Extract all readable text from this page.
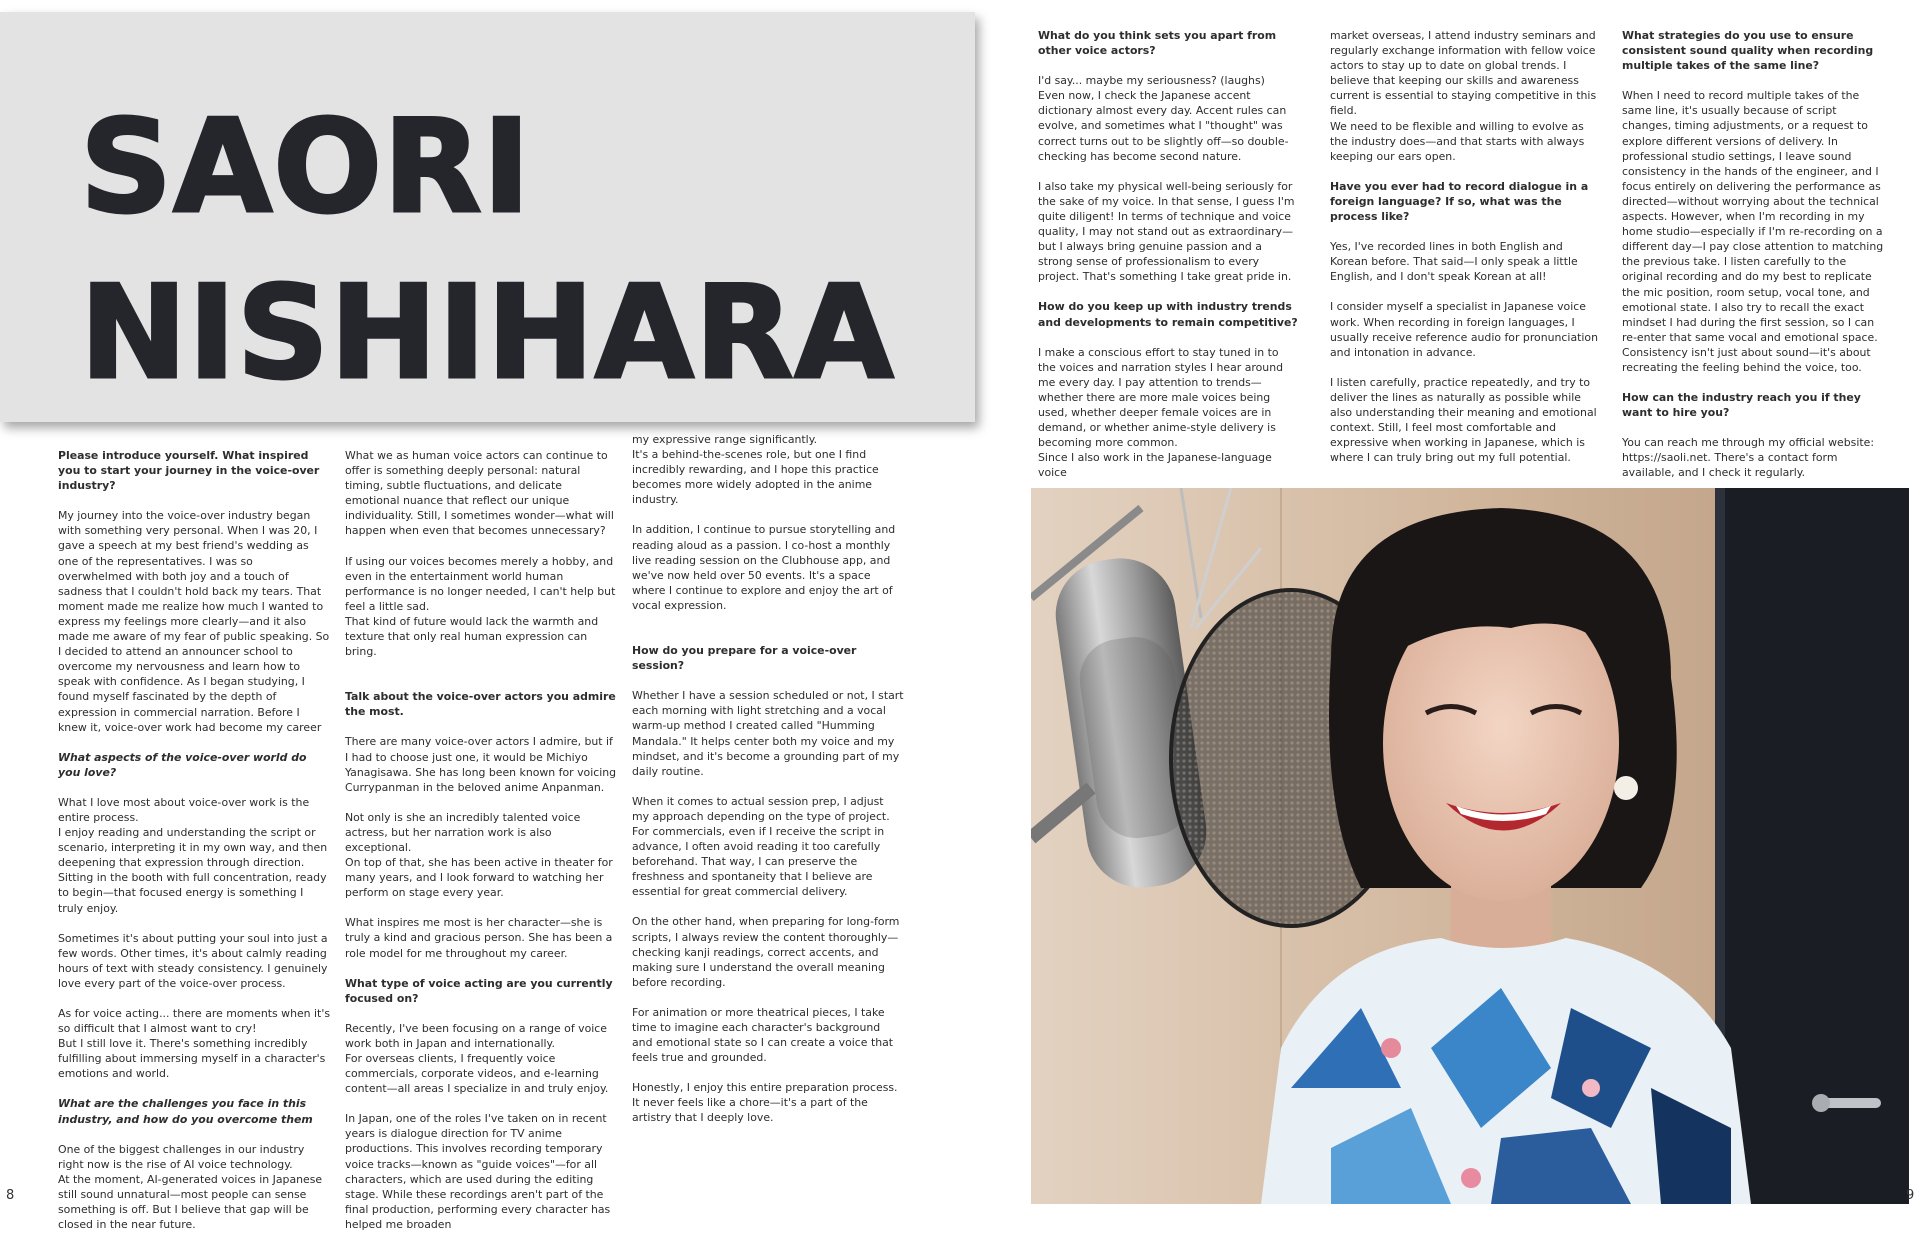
SAORI
NISHIHARA
Please introduce yourself. What inspired you to start your journey in the voice-over industry?

My journey into the voice-over industry began with something very personal. When I was 20, I gave a speech at my best friend's wedding as one of the representatives. I was so overwhelmed with both joy and a touch of sadness that I couldn't hold back my tears. That moment made me realize how much I wanted to express my feelings more clearly—and it also made me aware of my fear of public speaking. So I decided to attend an announcer school to overcome my nervousness and learn how to speak with confidence. As I began studying, I found myself fascinated by the depth of expression in commercial narration. Before I knew it, voice-over work had become my career

What aspects of the voice-over world do you love?

What I love most about voice-over work is the entire process.
I enjoy reading and understanding the script or scenario, interpreting it in my own way, and then deepening that expression through direction.
Sitting in the booth with full concentration, ready to begin—that focused energy is something I truly enjoy.

Sometimes it's about putting your soul into just a few words. Other times, it's about calmly reading hours of text with steady consistency. I genuinely love every part of the voice-over process.

As for voice acting... there are moments when it's so difficult that I almost want to cry!
But I still love it. There's something incredibly fulfilling about immersing myself in a character's emotions and world.

What are the challenges you face in this industry, and how do you overcome them

One of the biggest challenges in our industry right now is the rise of AI voice technology.
At the moment, AI-generated voices in Japanese still sound unnatural—most people can sense something is off. But I believe that gap will be closed in the near future.

What we as human voice actors can continue to offer is something deeply personal: natural timing, subtle fluctuations, and delicate emotional nuance that reflect our unique individuality. Still, I sometimes wonder—what will happen when even that becomes unnecessary?

If using our voices becomes merely a hobby, and even in the entertainment world human performance is no longer needed, I can't help but feel a little sad.
That kind of future would lack the warmth and texture that only real human expression can bring.

Talk about the voice-over actors you admire the most.

There are many voice-over actors I admire, but if I had to choose just one, it would be Michiyo Yanagisawa. She has long been known for voicing Currypanman in the beloved anime Anpanman.

Not only is she an incredibly talented voice actress, but her narration work is also exceptional.
On top of that, she has been active in theater for many years, and I look forward to watching her perform on stage every year.

What inspires me most is her character—she is truly a kind and gracious person. She has been a role model for me throughout my career.

What type of voice acting are you currently focused on?

Recently, I've been focusing on a range of voice work both in Japan and internationally.
For overseas clients, I frequently voice commercials, corporate videos, and e-learning content—all areas I specialize in and truly enjoy.

In Japan, one of the roles I've taken on in recent years is dialogue direction for TV anime productions. This involves recording temporary voice tracks—known as "guide voices"—for all characters, which are used during the editing stage. While these recordings aren't part of the final production, performing every character has helped me broaden

my expressive range significantly.
It's a behind-the-scenes role, but one I find incredibly rewarding, and I hope this practice becomes more widely adopted in the anime industry.

In addition, I continue to pursue storytelling and reading aloud as a passion. I co-host a monthly live reading session on the Clubhouse app, and we've now held over 50 events. It's a space where I continue to explore and enjoy the art of vocal expression.

How do you prepare for a voice-over session?

Whether I have a session scheduled or not, I start each morning with light stretching and a vocal warm-up method I created called "Humming Mandala." It helps center both my voice and my mindset, and it's become a grounding part of my daily routine.

When it comes to actual session prep, I adjust my approach depending on the type of project.
For commercials, even if I receive the script in advance, I often avoid reading it too carefully beforehand. That way, I can preserve the freshness and spontaneity that I believe are essential for great commercial delivery.

On the other hand, when preparing for long-form scripts, I always review the content thoroughly—checking kanji readings, correct accents, and making sure I understand the overall meaning before recording.

For animation or more theatrical pieces, I take time to imagine each character's background and emotional state so I can create a voice that feels true and grounded.

Honestly, I enjoy this entire preparation process. It never feels like a chore—it's a part of the artistry that I deeply love.

What do you think sets you apart from other voice actors?

I'd say... maybe my seriousness? (laughs)
Even now, I check the Japanese accent dictionary almost every day. Accent rules can evolve, and sometimes what I "thought" was correct turns out to be slightly off—so double-checking has become second nature.

I also take my physical well-being seriously for the sake of my voice. In that sense, I guess I'm quite diligent! In terms of technique and voice quality, I may not stand out as extraordinary—but I always bring genuine passion and a strong sense of professionalism to every project. That's something I take great pride in.

How do you keep up with industry trends and developments to remain competitive?

I make a conscious effort to stay tuned in to the voices and narration styles I hear around me every day. I pay attention to trends—whether there are more male voices being used, whether deeper female voices are in demand, or whether anime-style delivery is becoming more common.
Since I also work in the Japanese-language voice

market overseas, I attend industry seminars and regularly exchange information with fellow voice actors to stay up to date on global trends. I believe that keeping our skills and awareness current is essential to staying competitive in this field.
We need to be flexible and willing to evolve as the industry does—and that starts with always keeping our ears open.

Have you ever had to record dialogue in a foreign language? If so, what was the process like?

Yes, I've recorded lines in both English and Korean before. That said—I only speak a little English, and I don't speak Korean at all!

I consider myself a specialist in Japanese voice work. When recording in foreign languages, I usually receive reference audio for pronunciation and intonation in advance.

I listen carefully, practice repeatedly, and try to deliver the lines as naturally as possible while also understanding their meaning and emotional context. Still, I feel most comfortable and expressive when working in Japanese, which is where I can truly bring out my full potential.

What strategies do you use to ensure consistent sound quality when recording multiple takes of the same line?

When I need to record multiple takes of the same line, it's usually because of script changes, timing adjustments, or a request to explore different versions of delivery. In professional studio settings, I leave sound consistency in the hands of the engineer, and I focus entirely on delivering the performance as directed—without worrying about the technical aspects. However, when I'm recording in my home studio—especially if I'm re-recording on a different day—I pay close attention to matching the previous take. I listen carefully to the original recording and do my best to replicate the mic position, room setup, vocal tone, and emotional state. I also try to recall the exact mindset I had during the first session, so I can re-enter that same vocal and emotional space. Consistency isn't just about sound—it's about recreating the feeling behind the voice, too.

How can the industry reach you if they want to hire you?

You can reach me through my official website: https://saoli.net. There's a contact form available, and I check it regularly.

8	9
